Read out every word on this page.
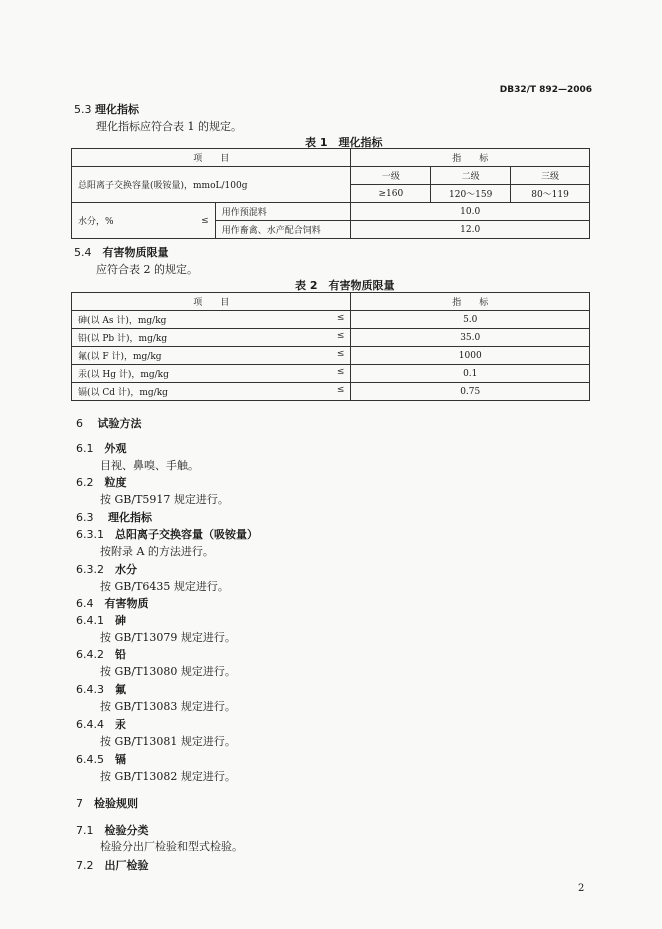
DB32/T 892—2006
5.3 理化指标
理化指标应符合表 1 的规定。
表 1　理化指标
项　　目		指　　标		
总阳离子交换容量(吸铵量)，mmoL/100g		一级	二级	三级
		≥160	120～159	80～119
水分，% ≤	用作预混料	10.0		
	用作畜禽、水产配合饲料	12.0		
5.4　 有害物质限量
应符合表 2 的规定。
表 2　有害物质限量
项　　目	指　　标
砷(以 As 计)，mg/kg ≤	5.0
铅(以 Pb 计)，mg/kg ≤	35.0
氟(以 F 计)，mg/kg ≤	1000
汞(以 Hg 计)，mg/kg ≤	0.1
镉(以 Cd 计)，mg/kg ≤	0.75
6　 试验方法
6.1　 外观
目视、鼻嗅、手触。
6.2　 粒度
按 GB/T5917 规定进行。
6.3　 理化指标
6.3.1　 总阳离子交换容量（吸铵量）
按附录 A 的方法进行。
6.3.2　 水分
按 GB/T6435 规定进行。
6.4　 有害物质
6.4.1　 砷
按 GB/T13079 规定进行。
6.4.2　 铅
按 GB/T13080 规定进行。
6.4.3　 氟
按 GB/T13083 规定进行。
6.4.4　 汞
按 GB/T13081 规定进行。
6.4.5　 镉
按 GB/T13082 规定进行。
7　 检验规则
7.1　 检验分类
检验分出厂检验和型式检验。
7.2　 出厂检验
2
